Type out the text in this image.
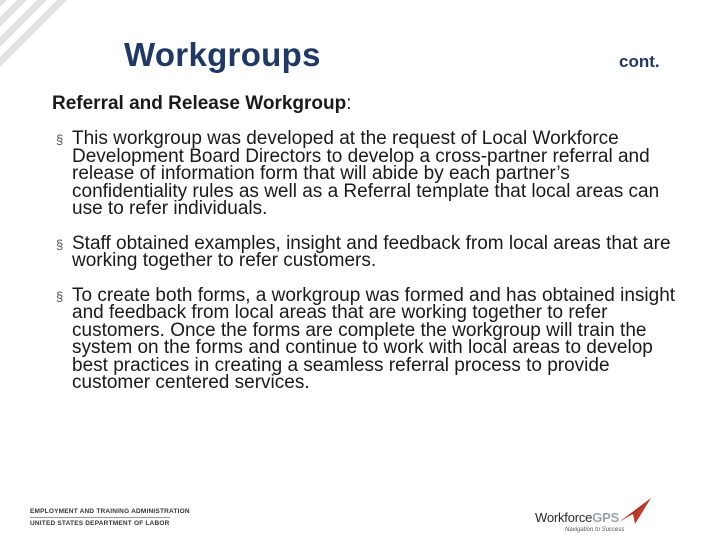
Workgroups	cont.
Referral and Release Workgroup:
§ This workgroup was developed at the request of Local Workforce Development Board Directors to develop a cross-partner referral and release of information form that will abide by each partner’s confidentiality rules as well as a Referral template that local areas can use to refer individuals.
§ Staff obtained examples, insight and feedback from local areas that are working together to refer customers.
§ To create both forms, a workgroup was formed and has obtained insight and feedback from local areas that are working together to refer customers. Once the forms are complete the workgroup will train the system on the forms and continue to work with local areas to develop best practices in creating a seamless referral process to provide customer centered services.
EMPLOYMENT AND TRAINING ADMINISTRATION
UNITED STATES DEPARTMENT OF LABOR	WorkforceGPS
Navigation to Success
